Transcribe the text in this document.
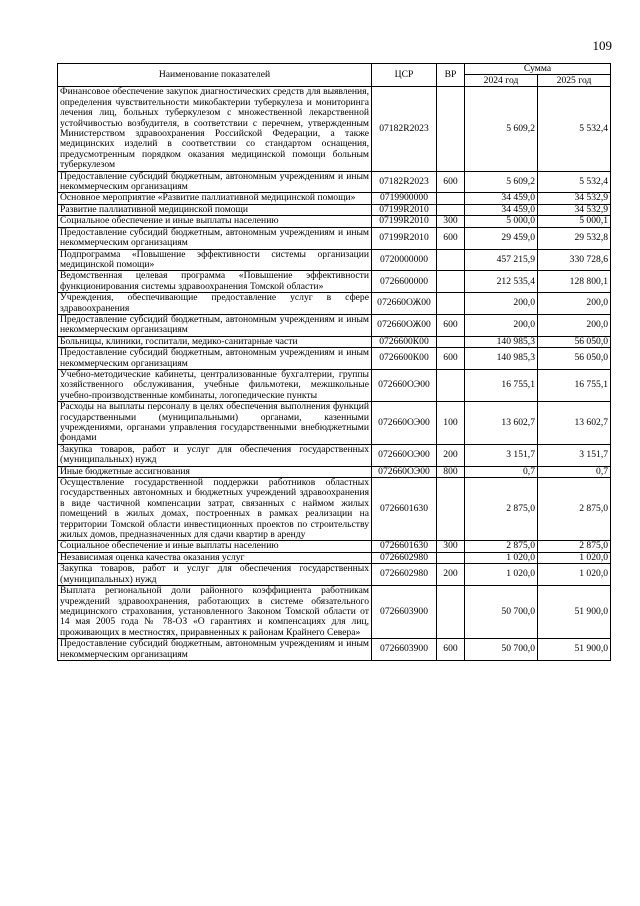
109
Наименование показателей	ЦСР	ВР	Сумма	
			2024 год	2025 год
Финансовое обеспечение закупок диагностических средств для выявления, определения чувствительности микобактерии туберкулеза и мониторинга лечения лиц, больных туберкулезом с множественной лекарственной устойчивостью возбудителя, в соответствии с перечнем, утвержденным Министерством здравоохранения Российской Федерации, а также медицинских изделий в соответствии со стандартом оснащения, предусмотренным порядком оказания медицинской помощи больным туберкулезом	07182R2023		5 609,2	5 532,4
Предоставление субсидий бюджетным, автономным учреждениям и иным некоммерческим организациям	07182R2023	600	5 609,2	5 532,4
Основное мероприятие «Развитие паллиативной медицинской помощи»	0719900000		34 459,0	34 532,9
Развитие паллиативной медицинской помощи	07199R2010		34 459,0	34 532,9
Социальное обеспечение и иные выплаты населению	07199R2010	300	5 000,0	5 000,1
Предоставление субсидий бюджетным, автономным учреждениям и иным некоммерческим организациям	07199R2010	600	29 459,0	29 532,8
Подпрограмма «Повышение эффективности системы организации медицинской помощи»	0720000000		457 215,9	330 728,6
Ведомственная целевая программа «Повышение эффективности функционирования системы здравоохранения Томской области»	0726600000		212 535,4	128 800,1
Учреждения, обеспечивающие предоставление услуг в сфере здравоохранения	072660ОЖ00		200,0	200,0
Предоставление субсидий бюджетным, автономным учреждениям и иным некоммерческим организациям	072660ОЖ00	600	200,0	200,0
Больницы, клиники, госпитали, медико-санитарные части	0726600К00		140 985,3	56 050,0
Предоставление субсидий бюджетным, автономным учреждениям и иным некоммерческим организациям	0726600К00	600	140 985,3	56 050,0
Учебно-методические кабинеты, централизованные бухгалтерии, группы хозяйственного обслуживания, учебные фильмотеки, межшкольные учебно-производственные комбинаты, логопедические пункты	072660ОЭ00		16 755,1	16 755,1
Расходы на выплаты персоналу в целях обеспечения выполнения функций государственными (муниципальными) органами, казенными учреждениями, органами управления государственными внебюджетными фондами	072660ОЭ00	100	13 602,7	13 602,7
Закупка товаров, работ и услуг для обеспечения государственных (муниципальных) нужд	072660ОЭ00	200	3 151,7	3 151,7
Иные бюджетные ассигнования	072660ОЭ00	800	0,7	0,7
Осуществление государственной поддержки работников областных государственных автономных и бюджетных учреждений здравоохранения в виде частичной компенсации затрат, связанных с наймом жилых помещений в жилых домах, построенных в рамках реализации на территории Томской области инвестиционных проектов по строительству жилых домов, предназначенных для сдачи квартир в аренду	0726601630		2 875,0	2 875,0
Социальное обеспечение и иные выплаты населению	0726601630	300	2 875,0	2 875,0
Независимая оценка качества оказания услуг	0726602980		1 020,0	1 020,0
Закупка товаров, работ и услуг для обеспечения государственных (муниципальных) нужд	0726602980	200	1 020,0	1 020,0
Выплата региональной доли районного коэффициента работникам учреждений здравоохранения, работающих в системе обязательного медицинского страхования, установленного Законом Томской области от 14 мая 2005 года № 78-ОЗ «О гарантиях и компенсациях для лиц, проживающих в местностях, приравненных к районам Крайнего Севера»	0726603900		50 700,0	51 900,0
Предоставление субсидий бюджетным, автономным учреждениям и иным некоммерческим организациям	0726603900	600	50 700,0	51 900,0
